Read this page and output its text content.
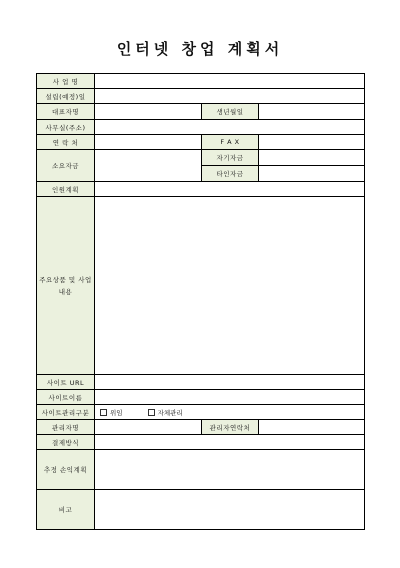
인터넷 창업 계획서
사 업 명			
설립(예정)일			
대표자명		생년월일	
사무실(주소)			
연 락 처		F A X	
소요자금		자기자금	
		타인자금	
인원계획			
주요상품 및 사업내용			
사이트 URL			
사이트이름			
사이트관리구분	위임 자체관리		
관리자명		관리자연락처	
결제방식			
추정 손익계획			
비고			
